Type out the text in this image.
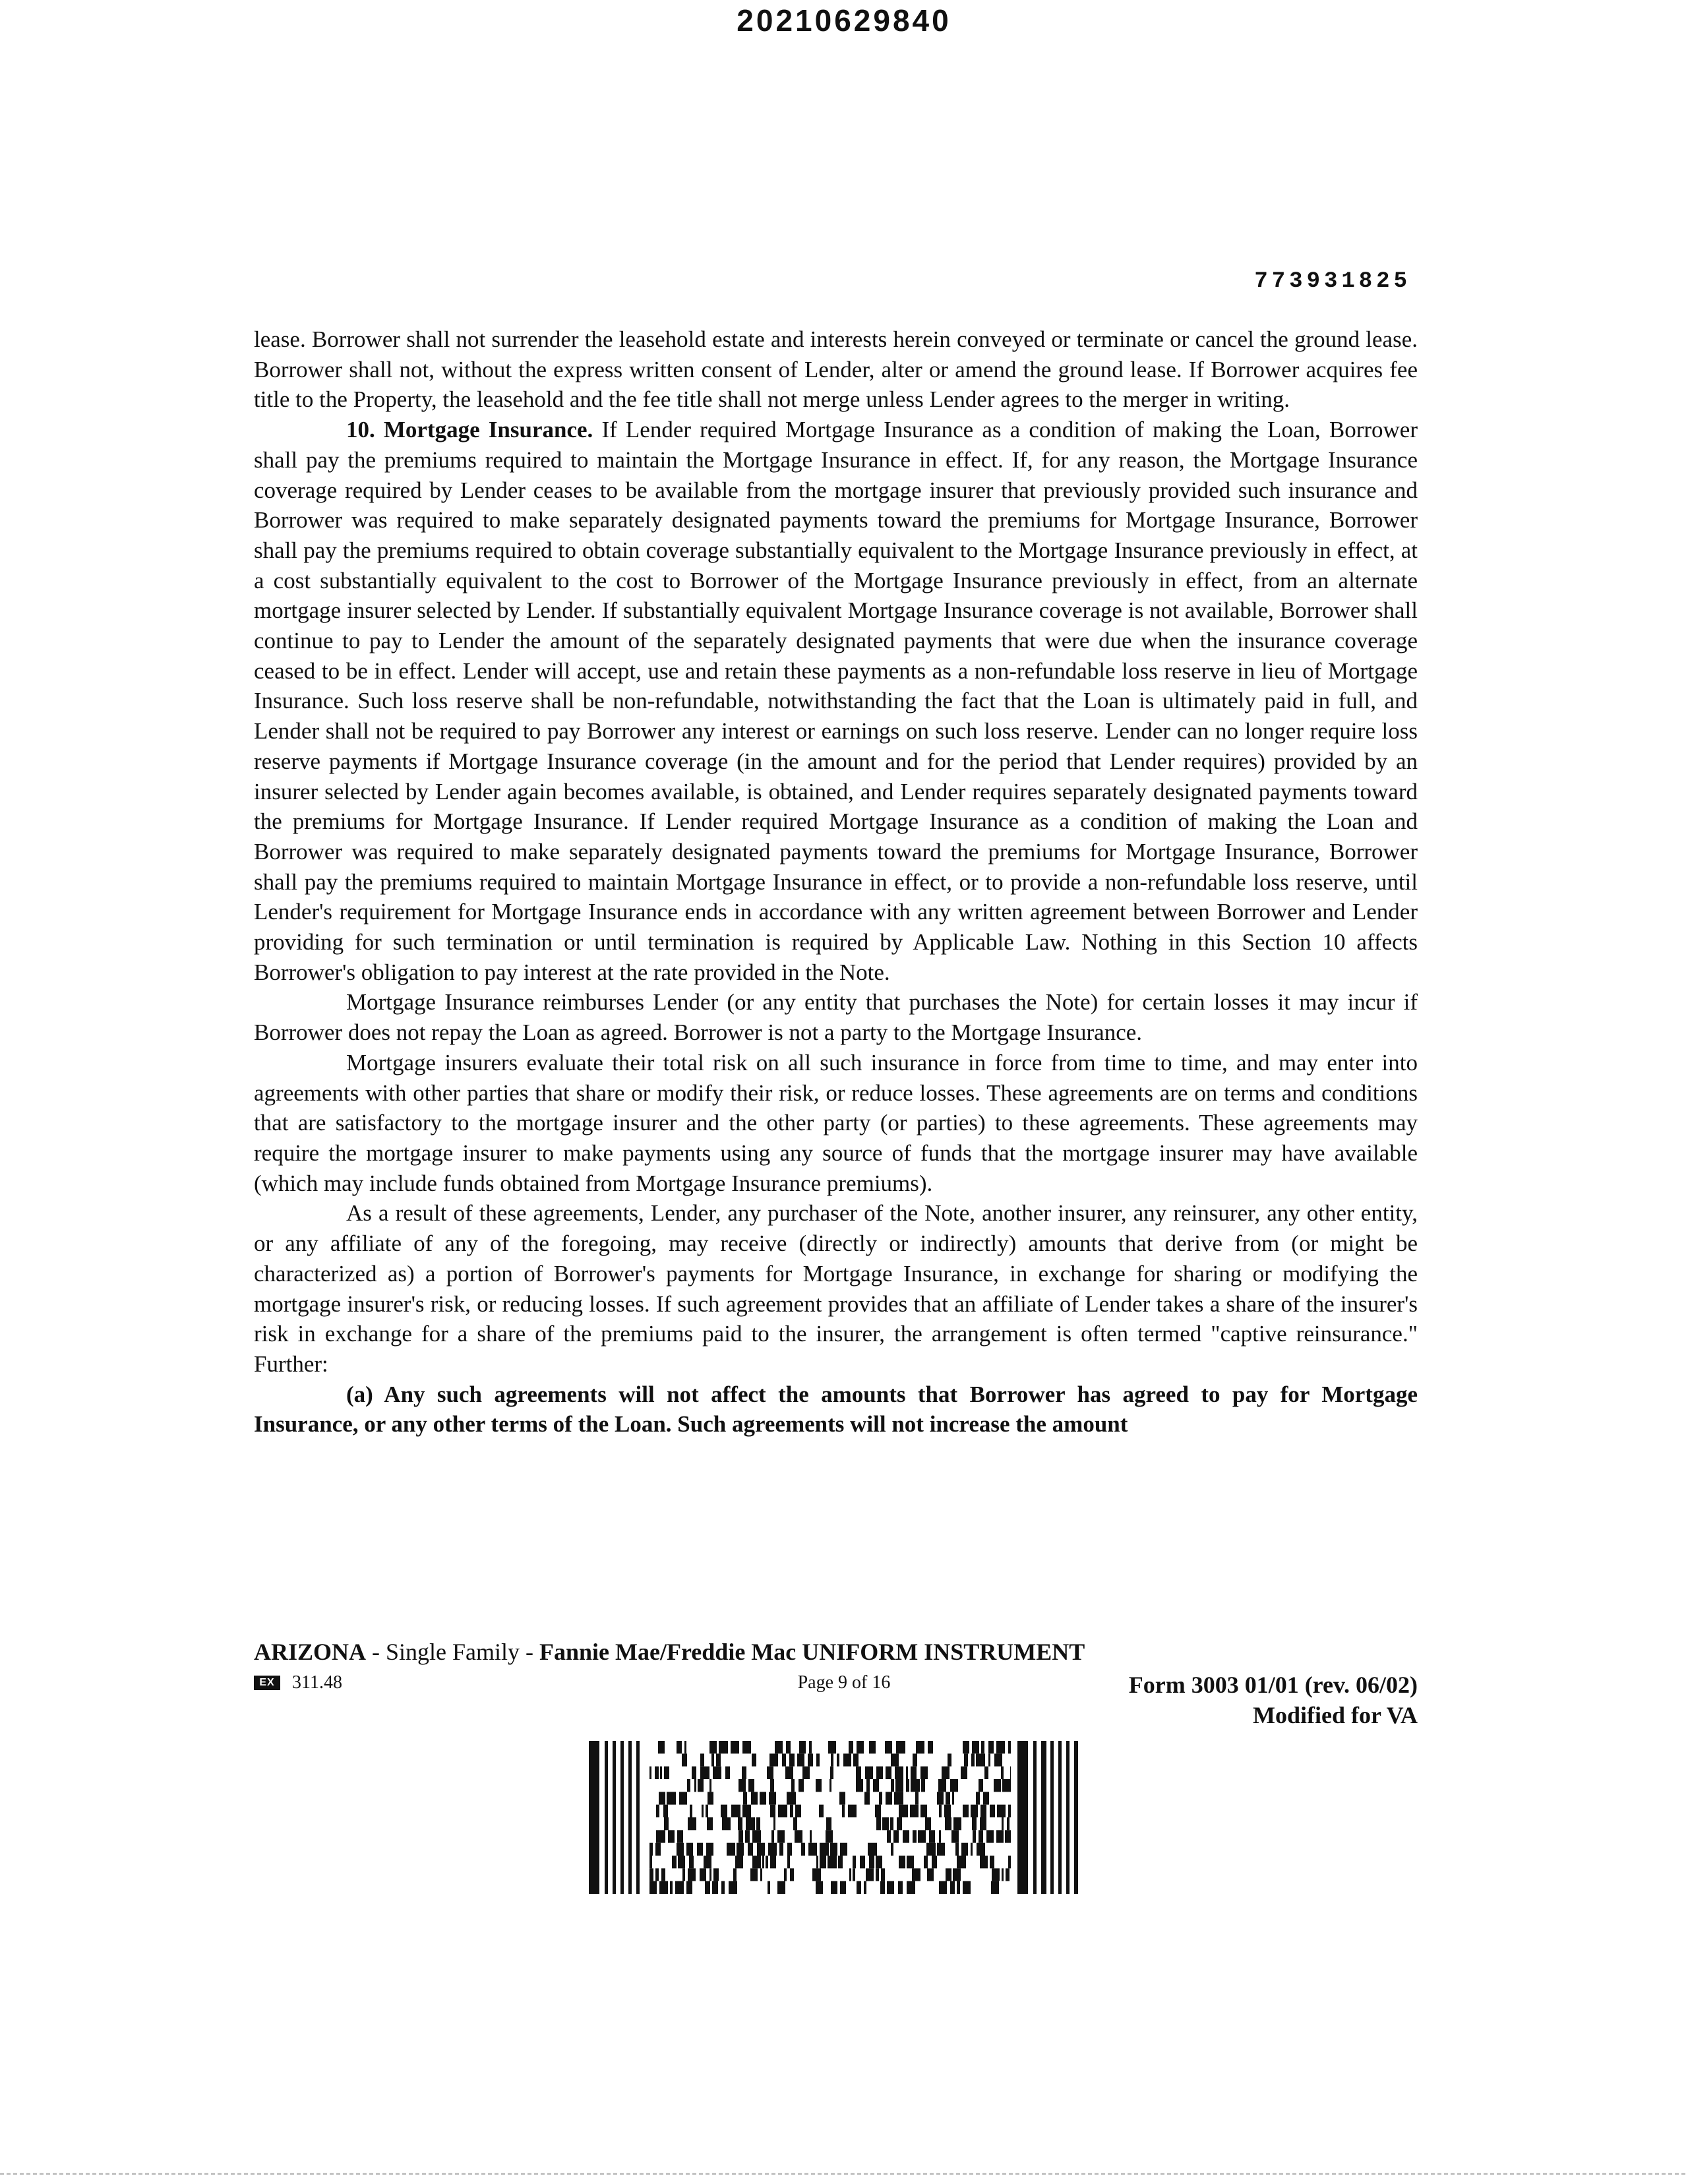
20210629840
773931825

lease. Borrower shall not surrender the leasehold estate and interests herein conveyed or terminate or cancel the ground lease. Borrower shall not, without the express written consent of Lender, alter or amend the ground lease. If Borrower acquires fee title to the Property, the leasehold and the fee title shall not merge unless Lender agrees to the merger in writing.

10. Mortgage Insurance. If Lender required Mortgage Insurance as a condition of making the Loan, Borrower shall pay the premiums required to maintain the Mortgage Insurance in effect. If, for any reason, the Mortgage Insurance coverage required by Lender ceases to be available from the mortgage insurer that previously provided such insurance and Borrower was required to make separately designated payments toward the premiums for Mortgage Insurance, Borrower shall pay the premiums required to obtain coverage substantially equivalent to the Mortgage Insurance previously in effect, at a cost substantially equivalent to the cost to Borrower of the Mortgage Insurance previously in effect, from an alternate mortgage insurer selected by Lender. If substantially equivalent Mortgage Insurance coverage is not available, Borrower shall continue to pay to Lender the amount of the separately designated payments that were due when the insurance coverage ceased to be in effect. Lender will accept, use and retain these payments as a non-refundable loss reserve in lieu of Mortgage Insurance. Such loss reserve shall be non-refundable, notwithstanding the fact that the Loan is ultimately paid in full, and Lender shall not be required to pay Borrower any interest or earnings on such loss reserve. Lender can no longer require loss reserve payments if Mortgage Insurance coverage (in the amount and for the period that Lender requires) provided by an insurer selected by Lender again becomes available, is obtained, and Lender requires separately designated payments toward the premiums for Mortgage Insurance. If Lender required Mortgage Insurance as a condition of making the Loan and Borrower was required to make separately designated payments toward the premiums for Mortgage Insurance, Borrower shall pay the premiums required to maintain Mortgage Insurance in effect, or to provide a non-refundable loss reserve, until Lender's requirement for Mortgage Insurance ends in accordance with any written agreement between Borrower and Lender providing for such termination or until termination is required by Applicable Law. Nothing in this Section 10 affects Borrower's obligation to pay interest at the rate provided in the Note.

Mortgage Insurance reimburses Lender (or any entity that purchases the Note) for certain losses it may incur if Borrower does not repay the Loan as agreed. Borrower is not a party to the Mortgage Insurance.

Mortgage insurers evaluate their total risk on all such insurance in force from time to time, and may enter into agreements with other parties that share or modify their risk, or reduce losses. These agreements are on terms and conditions that are satisfactory to the mortgage insurer and the other party (or parties) to these agreements. These agreements may require the mortgage insurer to make payments using any source of funds that the mortgage insurer may have available (which may include funds obtained from Mortgage Insurance premiums).

As a result of these agreements, Lender, any purchaser of the Note, another insurer, any reinsurer, any other entity, or any affiliate of any of the foregoing, may receive (directly or indirectly) amounts that derive from (or might be characterized as) a portion of Borrower's payments for Mortgage Insurance, in exchange for sharing or modifying the mortgage insurer's risk, or reducing losses. If such agreement provides that an affiliate of Lender takes a share of the insurer's risk in exchange for a share of the premiums paid to the insurer, the arrangement is often termed "captive reinsurance." Further:

(a) Any such agreements will not affect the amounts that Borrower has agreed to pay for Mortgage Insurance, or any other terms of the Loan. Such agreements will not increase the amount

ARIZONA - Single Family - Fannie Mae/Freddie Mac UNIFORM INSTRUMENT
EX 311.48	Page 9 of 16	Form 3003 01/01 (rev. 06/02)
Modified for VA
